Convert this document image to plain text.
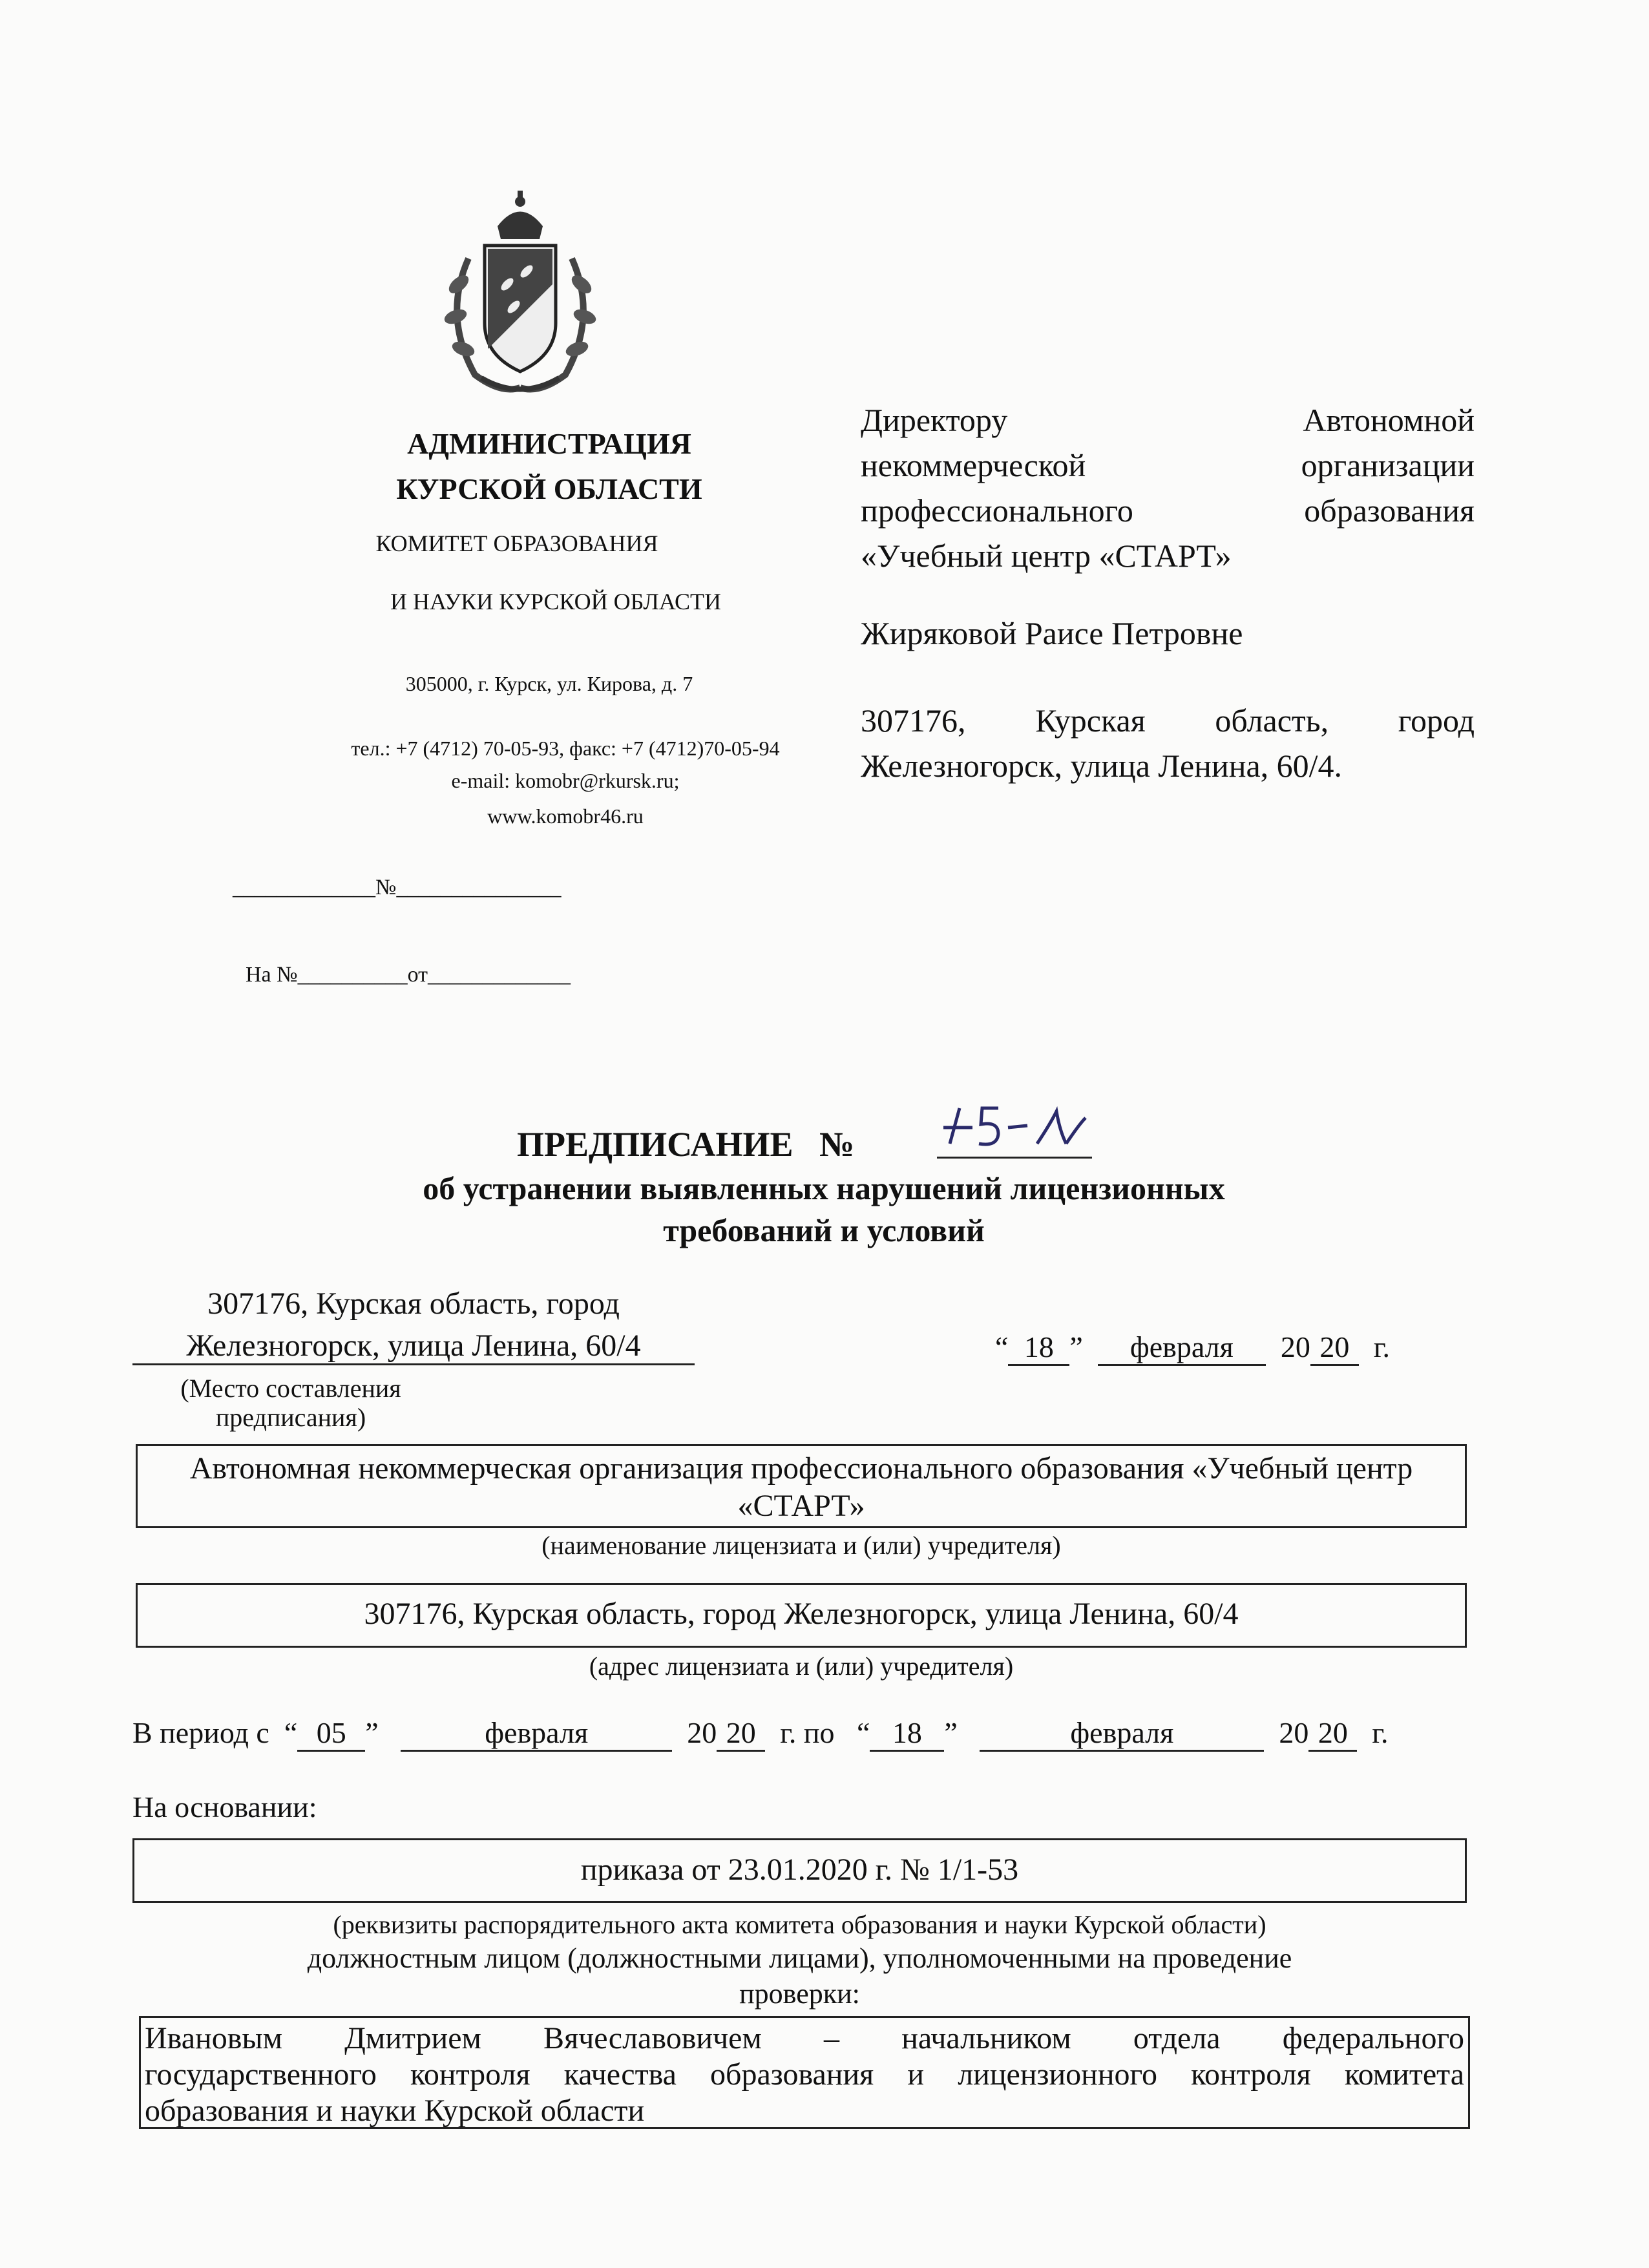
АДМИНИСТРАЦИЯ
КУРСКОЙ ОБЛАСТИ
КОМИТЕТ ОБРАЗОВАНИЯ
И НАУКИ КУРСКОЙ ОБЛАСТИ
305000, г. Курск, ул. Кирова, д. 7
тел.: +7 (4712) 70-05-93, факс: +7 (4712)70-05-94
e-mail: komobr@rkursk.ru;
www.komobr46.ru
_____________№_______________
На №__________от_____________
Директору	Автономной
некоммерческой	организации
профессионального	образования
«Учебный центр «СТАРТ»
Жиряковой Раисе Петровне
307176, Курская область, город
Железногорск, улица Ленина, 60/4.
ПРЕДПИСАНИЕ   №
об устранении выявленных нарушений лицензионных
требований и условий
307176, Курская область, город
Железногорск, улица Ленина, 60/4
(Место составления
предписания)
“ 18 ” февраля 20 20 г.
Автономная некоммерческая организация профессионального образования «Учебный центр «СТАРТ»
(наименование лицензиата и (или) учредителя)
307176, Курская область, город Железногорск, улица Ленина, 60/4
(адрес лицензиата и (или) учредителя)
В период с “ 05 ”	февраля	20 20 г. по “ 18 ”	февраля	20 20 г.
На основании:
приказа от 23.01.2020 г. № 1/1-53
(реквизиты распорядительного акта комитета образования и науки Курской области)
должностным лицом (должностными лицами), уполномоченными на проведение
проверки:
Ивановым Дмитрием Вячеславовичем – начальником отдела федерального
государственного контроля качества образования и лицензионного контроля комитета
образования и науки Курской области
